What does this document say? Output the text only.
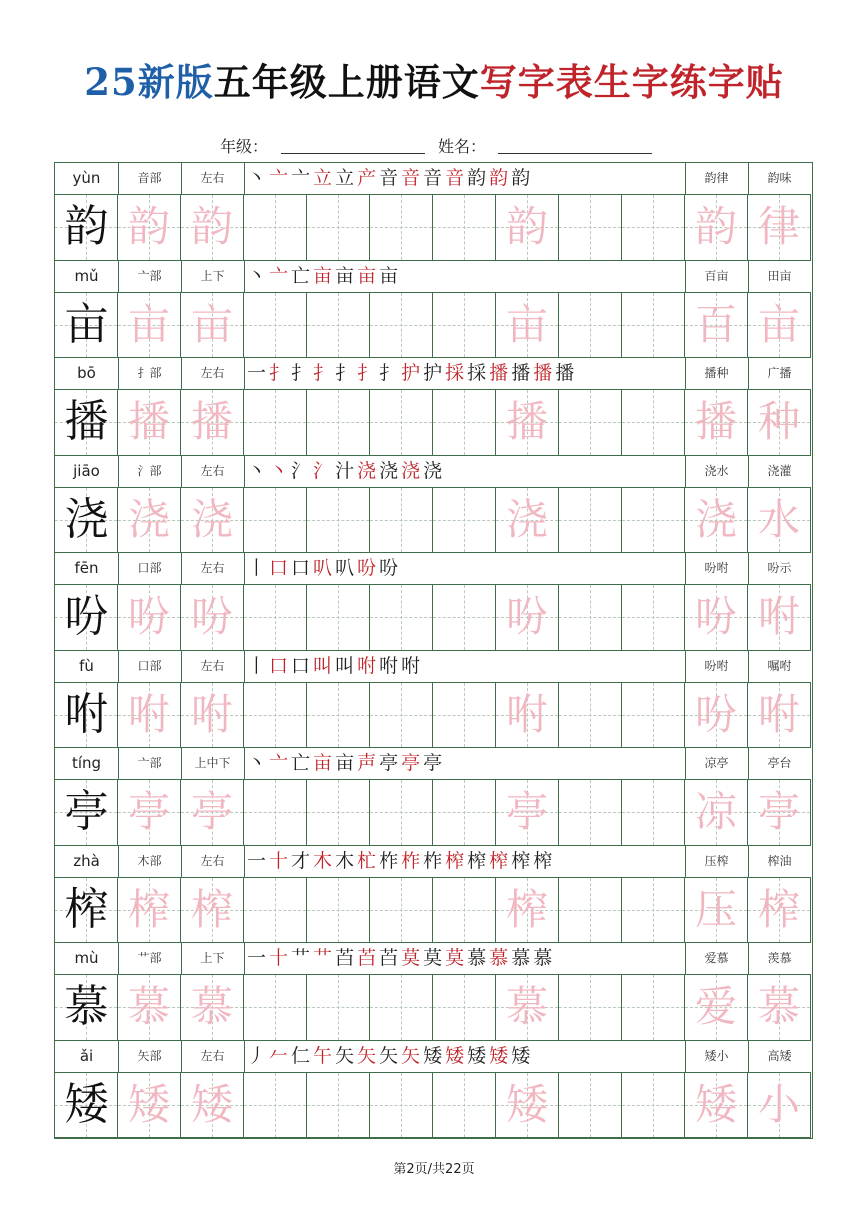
25新版五年级上册语文写字表生字练字贴
年级：	姓名：
yùn	音部	左右	丶亠亠立立产音音音音韵韵韵	韵律	韵味
韵 韵 韵	韵	韵 律
mǔ	亠部	上下	丶亠亡亩亩亩亩	百亩	田亩
亩 亩 亩	亩	百 亩
bō	扌部	左右	一扌扌扌扌扌扌护护採採播播播播	播种	广播
播 播 播	播	播 种
jiāo	氵部	左右	丶丶氵氵汁浇浇浇浇	浇水	浇灌
浇 浇 浇	浇	浇 水
fēn	口部	左右	丨口口叭叭吩吩	吩咐	吩示
吩 吩 吩	吩	吩 咐
fù	口部	左右	丨口口叫叫咐咐咐	吩咐	嘱咐
咐 咐 咐	咐	吩 咐
tíng	亠部	上中下 丶亠亡亩亩声亭亭亭	凉亭	亭台
亭 亭 亭	亭	凉 亭
zhà	木部	左右	一十才木木杧柞柞柞榨榨榨榨榨	压榨	榨油
榨 榨 榨	榨	压 榨
mù	艹部	上下	一十艹艹苩苩苩莫莫莫慕慕慕慕	爱慕	羡慕
慕 慕 慕	慕	爱 慕
ǎi	矢部	左右	丿𠂉仁午矢矢矢矢矮矮矮矮矮	矮小	高矮
矮 矮 矮	矮	矮 小
第2页/共22页
